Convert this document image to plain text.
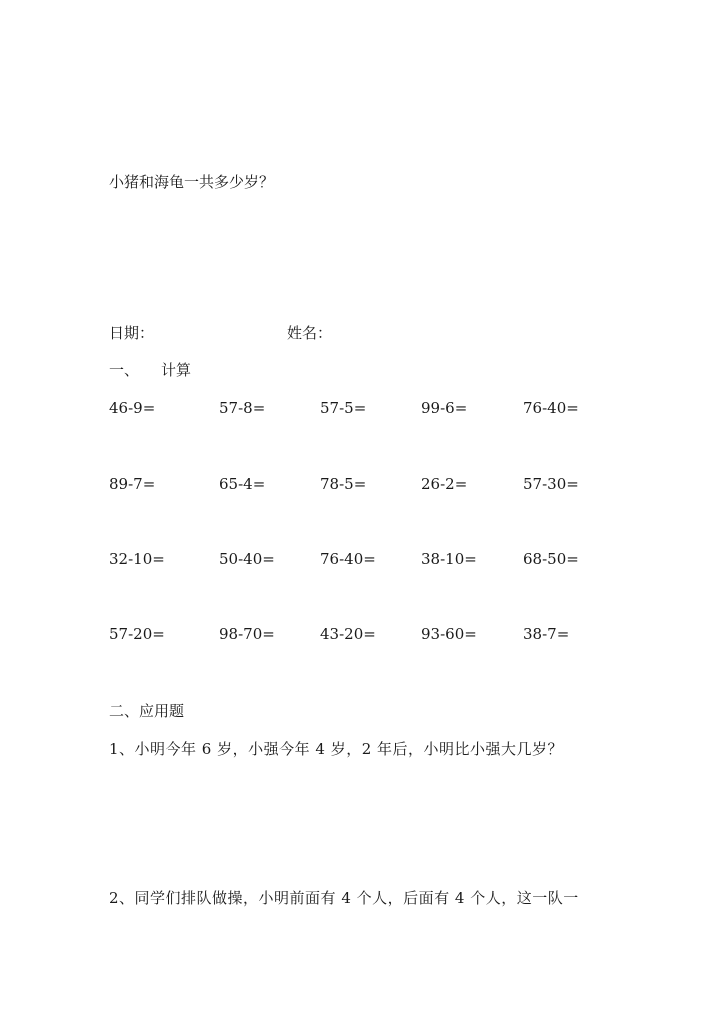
小猪和海龟一共多少岁？
日期：	姓名：
一、 计算
46-9=	57-8=	57-5=	99-6=	76-40=
89-7=	65-4=	78-5=	26-2=	57-30=
32-10=	50-40=	76-40=	38-10=	68-50=
57-20=	98-70=	43-20=	93-60=	38-7=
二、应用题
1、小明今年 6 岁，小强今年 4 岁，2 年后，小明比小强大几岁？
2、同学们排队做操，小明前面有 4 个人，后面有 4 个人，这一队一
